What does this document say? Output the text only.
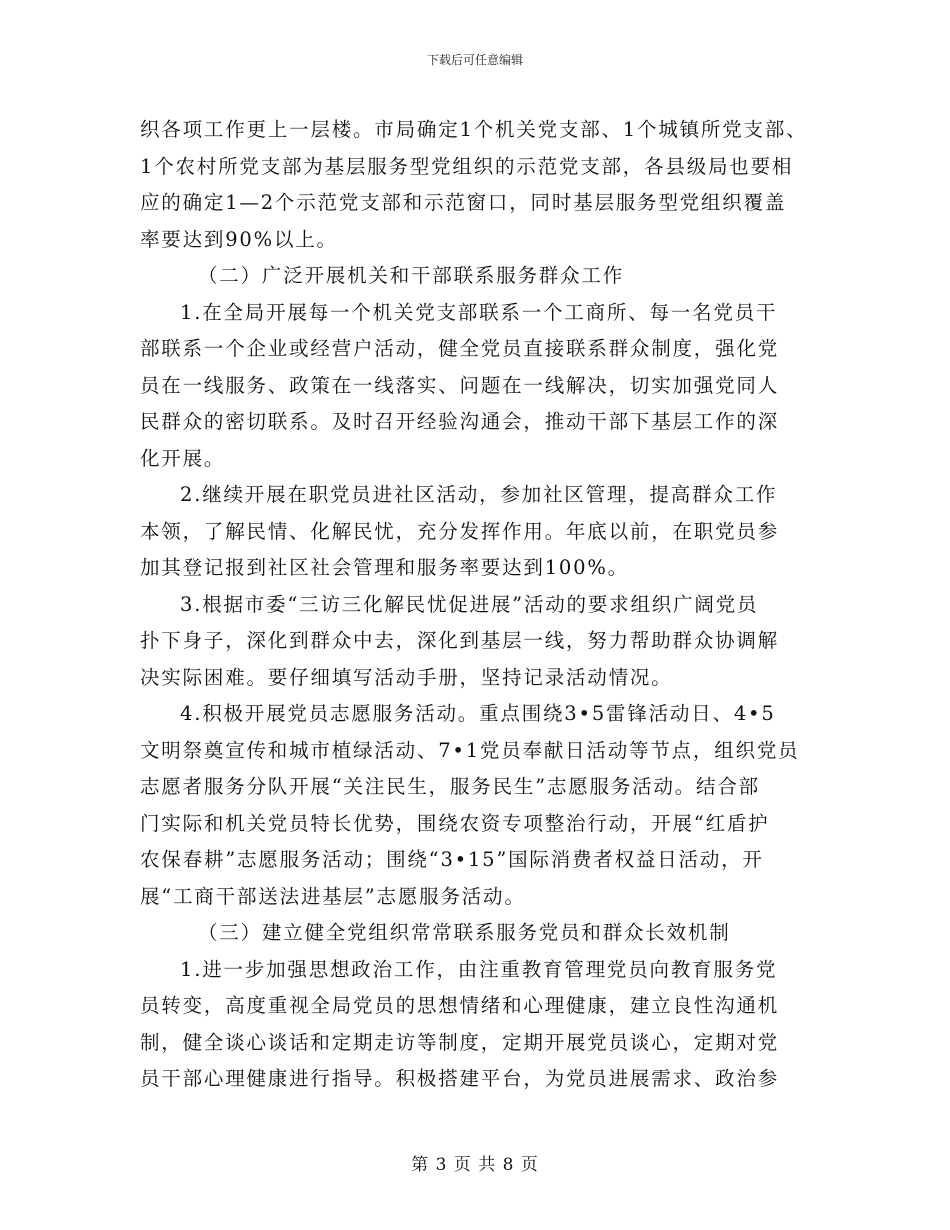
下载后可任意编辑
织各项工作更上一层楼。市局确定1个机关党支部、1个城镇所党支部、
1个农村所党支部为基层服务型党组织的示范党支部，各县级局也要相
应的确定1—2个示范党支部和示范窗口，同时基层服务型党组织覆盖
率要达到90%以上。
（二）广泛开展机关和干部联系服务群众工作
1.在全局开展每一个机关党支部联系一个工商所、每一名党员干
部联系一个企业或经营户活动，健全党员直接联系群众制度，强化党
员在一线服务、政策在一线落实、问题在一线解决，切实加强党同人
民群众的密切联系。及时召开经验沟通会，推动干部下基层工作的深
化开展。
2.继续开展在职党员进社区活动，参加社区管理，提高群众工作
本领，了解民情、化解民忧，充分发挥作用。年底以前，在职党员参
加其登记报到社区社会管理和服务率要达到100%。
3.根据市委“三访三化解民忧促进展”活动的要求组织广阔党员
扑下身子，深化到群众中去，深化到基层一线，努力帮助群众协调解
决实际困难。要仔细填写活动手册，坚持记录活动情况。
4.积极开展党员志愿服务活动。重点围绕3•5雷锋活动日、4•5
文明祭奠宣传和城市植绿活动、7•1党员奉献日活动等节点，组织党员
志愿者服务分队开展“关注民生，服务民生”志愿服务活动。结合部
门实际和机关党员特长优势，围绕农资专项整治行动，开展“红盾护
农保春耕”志愿服务活动；围绕“3•15”国际消费者权益日活动，开
展“工商干部送法进基层”志愿服务活动。
（三）建立健全党组织常常联系服务党员和群众长效机制
1.进一步加强思想政治工作，由注重教育管理党员向教育服务党
员转变，高度重视全局党员的思想情绪和心理健康，建立良性沟通机
制，健全谈心谈话和定期走访等制度，定期开展党员谈心，定期对党
员干部心理健康进行指导。积极搭建平台，为党员进展需求、政治参
第 3 页 共 8 页
